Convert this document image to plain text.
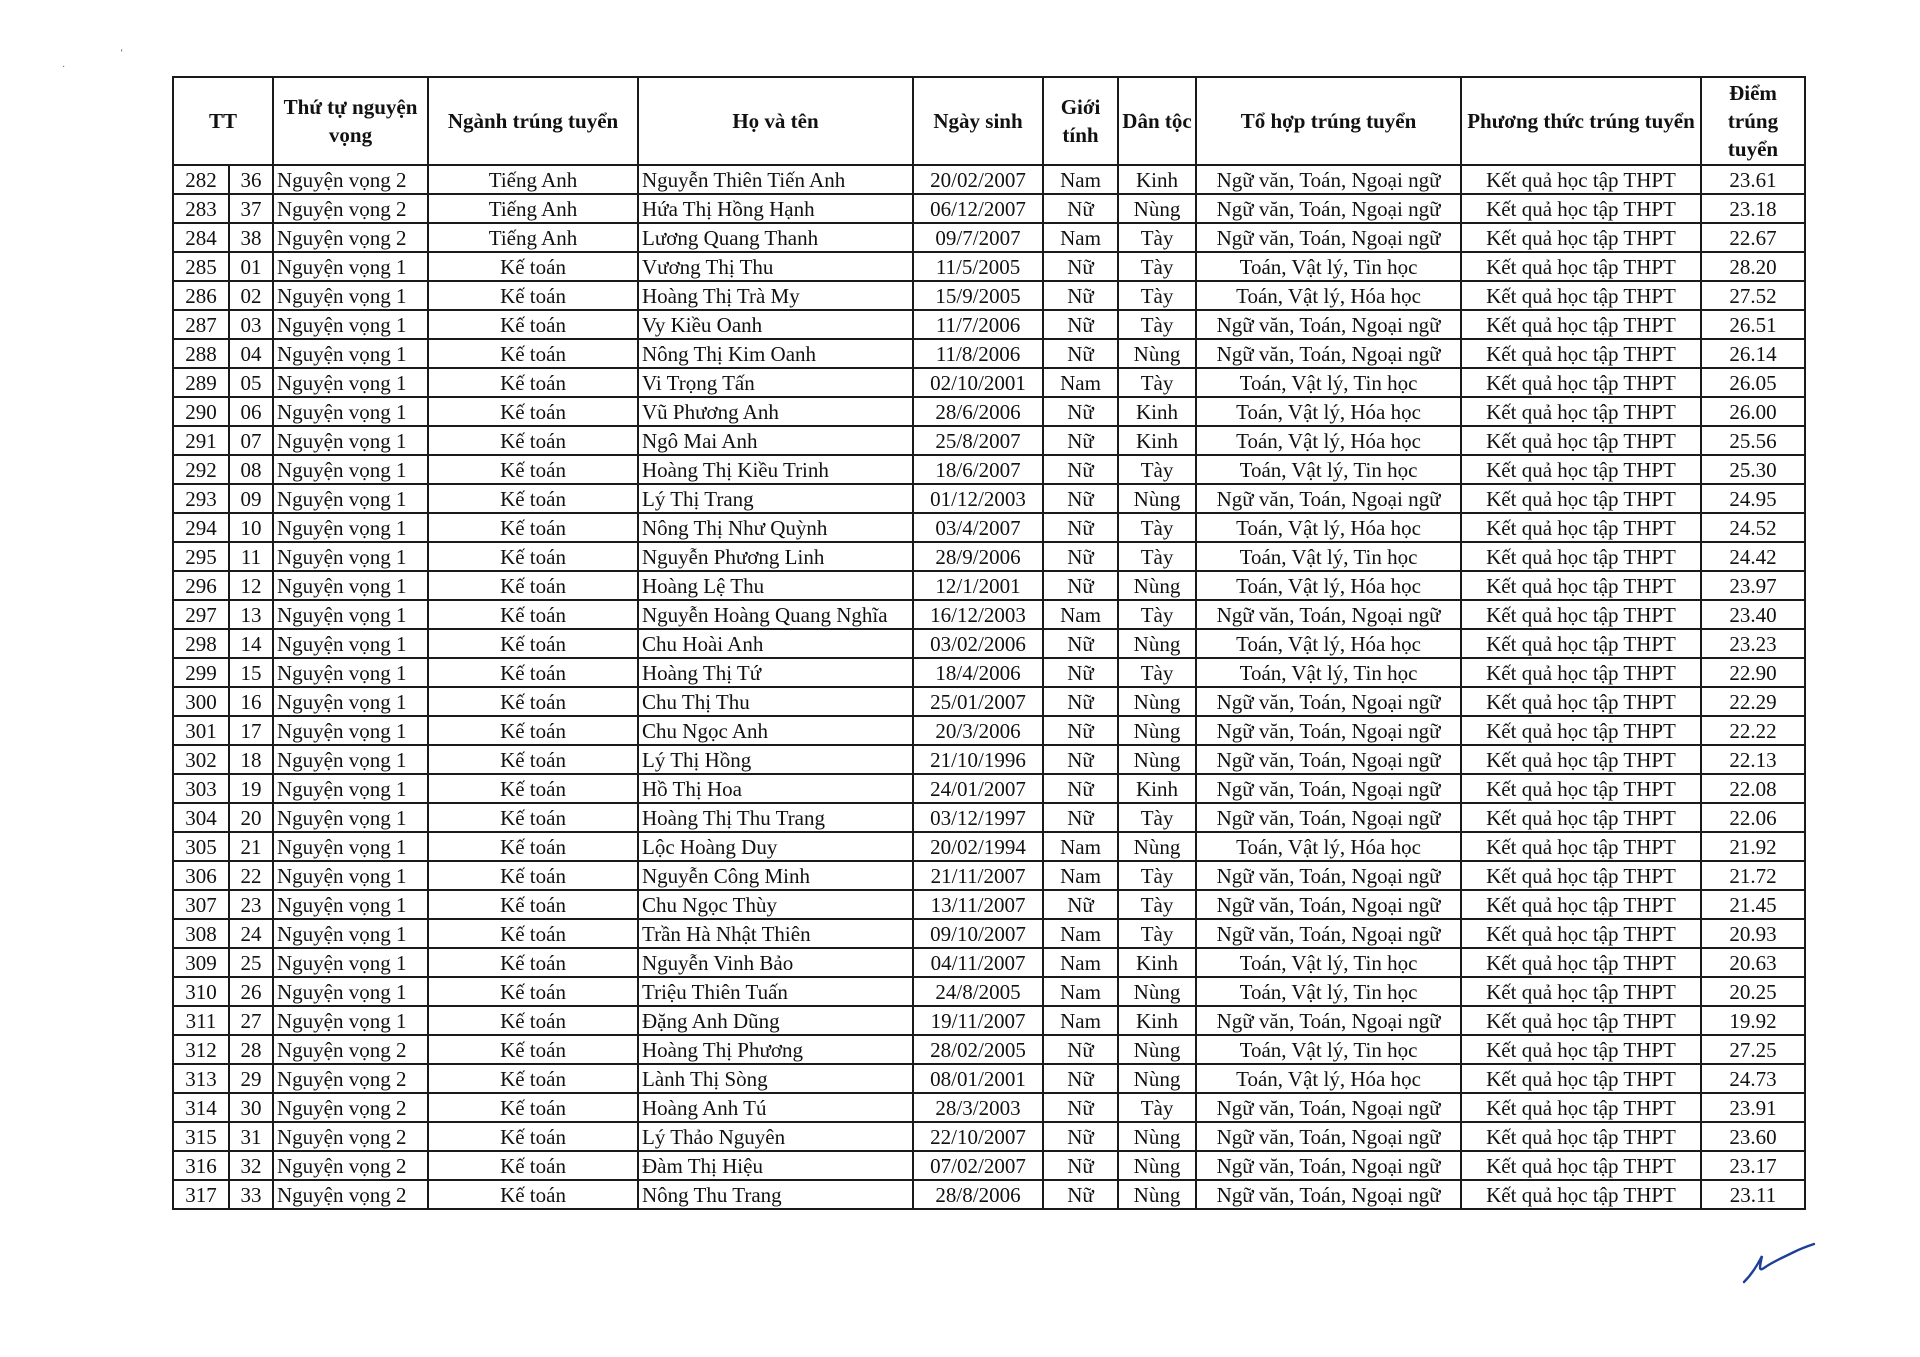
·
‘
TT		Thứ tự nguyện vọng	Ngành trúng tuyển	Họ và tên	Ngày sinh	Giới tính	Dân tộc	Tổ hợp trúng tuyển	Phương thức trúng tuyển	Điểm trúng tuyển
282	36	Nguyện vọng 2	Tiếng Anh	Nguyễn Thiên Tiến Anh	20/02/2007	Nam	Kinh	Ngữ văn, Toán, Ngoại ngữ	Kết quả học tập THPT	23.61
283	37	Nguyện vọng 2	Tiếng Anh	Hứa Thị Hồng Hạnh	06/12/2007	Nữ	Nùng	Ngữ văn, Toán, Ngoại ngữ	Kết quả học tập THPT	23.18
284	38	Nguyện vọng 2	Tiếng Anh	Lương Quang Thanh	09/7/2007	Nam	Tày	Ngữ văn, Toán, Ngoại ngữ	Kết quả học tập THPT	22.67
285	01	Nguyện vọng 1	Kế toán	Vương Thị Thu	11/5/2005	Nữ	Tày	Toán, Vật lý, Tin học	Kết quả học tập THPT	28.20
286	02	Nguyện vọng 1	Kế toán	Hoàng Thị Trà My	15/9/2005	Nữ	Tày	Toán, Vật lý, Hóa học	Kết quả học tập THPT	27.52
287	03	Nguyện vọng 1	Kế toán	Vy Kiều Oanh	11/7/2006	Nữ	Tày	Ngữ văn, Toán, Ngoại ngữ	Kết quả học tập THPT	26.51
288	04	Nguyện vọng 1	Kế toán	Nông Thị Kim Oanh	11/8/2006	Nữ	Nùng	Ngữ văn, Toán, Ngoại ngữ	Kết quả học tập THPT	26.14
289	05	Nguyện vọng 1	Kế toán	Vi Trọng Tấn	02/10/2001	Nam	Tày	Toán, Vật lý, Tin học	Kết quả học tập THPT	26.05
290	06	Nguyện vọng 1	Kế toán	Vũ Phương Anh	28/6/2006	Nữ	Kinh	Toán, Vật lý, Hóa học	Kết quả học tập THPT	26.00
291	07	Nguyện vọng 1	Kế toán	Ngô Mai Anh	25/8/2007	Nữ	Kinh	Toán, Vật lý, Hóa học	Kết quả học tập THPT	25.56
292	08	Nguyện vọng 1	Kế toán	Hoàng Thị Kiều Trinh	18/6/2007	Nữ	Tày	Toán, Vật lý, Tin học	Kết quả học tập THPT	25.30
293	09	Nguyện vọng 1	Kế toán	Lý Thị Trang	01/12/2003	Nữ	Nùng	Ngữ văn, Toán, Ngoại ngữ	Kết quả học tập THPT	24.95
294	10	Nguyện vọng 1	Kế toán	Nông Thị Như Quỳnh	03/4/2007	Nữ	Tày	Toán, Vật lý, Hóa học	Kết quả học tập THPT	24.52
295	11	Nguyện vọng 1	Kế toán	Nguyễn Phương Linh	28/9/2006	Nữ	Tày	Toán, Vật lý, Tin học	Kết quả học tập THPT	24.42
296	12	Nguyện vọng 1	Kế toán	Hoàng Lệ Thu	12/1/2001	Nữ	Nùng	Toán, Vật lý, Hóa học	Kết quả học tập THPT	23.97
297	13	Nguyện vọng 1	Kế toán	Nguyễn Hoàng Quang Nghĩa	16/12/2003	Nam	Tày	Ngữ văn, Toán, Ngoại ngữ	Kết quả học tập THPT	23.40
298	14	Nguyện vọng 1	Kế toán	Chu Hoài Anh	03/02/2006	Nữ	Nùng	Toán, Vật lý, Hóa học	Kết quả học tập THPT	23.23
299	15	Nguyện vọng 1	Kế toán	Hoàng Thị Tứ	18/4/2006	Nữ	Tày	Toán, Vật lý, Tin học	Kết quả học tập THPT	22.90
300	16	Nguyện vọng 1	Kế toán	Chu Thị Thu	25/01/2007	Nữ	Nùng	Ngữ văn, Toán, Ngoại ngữ	Kết quả học tập THPT	22.29
301	17	Nguyện vọng 1	Kế toán	Chu Ngọc Anh	20/3/2006	Nữ	Nùng	Ngữ văn, Toán, Ngoại ngữ	Kết quả học tập THPT	22.22
302	18	Nguyện vọng 1	Kế toán	Lý Thị Hồng	21/10/1996	Nữ	Nùng	Ngữ văn, Toán, Ngoại ngữ	Kết quả học tập THPT	22.13
303	19	Nguyện vọng 1	Kế toán	Hồ Thị Hoa	24/01/2007	Nữ	Kinh	Ngữ văn, Toán, Ngoại ngữ	Kết quả học tập THPT	22.08
304	20	Nguyện vọng 1	Kế toán	Hoàng Thị Thu Trang	03/12/1997	Nữ	Tày	Ngữ văn, Toán, Ngoại ngữ	Kết quả học tập THPT	22.06
305	21	Nguyện vọng 1	Kế toán	Lộc Hoàng Duy	20/02/1994	Nam	Nùng	Toán, Vật lý, Hóa học	Kết quả học tập THPT	21.92
306	22	Nguyện vọng 1	Kế toán	Nguyễn Công Minh	21/11/2007	Nam	Tày	Ngữ văn, Toán, Ngoại ngữ	Kết quả học tập THPT	21.72
307	23	Nguyện vọng 1	Kế toán	Chu Ngọc Thùy	13/11/2007	Nữ	Tày	Ngữ văn, Toán, Ngoại ngữ	Kết quả học tập THPT	21.45
308	24	Nguyện vọng 1	Kế toán	Trần Hà Nhật Thiên	09/10/2007	Nam	Tày	Ngữ văn, Toán, Ngoại ngữ	Kết quả học tập THPT	20.93
309	25	Nguyện vọng 1	Kế toán	Nguyễn Vinh Bảo	04/11/2007	Nam	Kinh	Toán, Vật lý, Tin học	Kết quả học tập THPT	20.63
310	26	Nguyện vọng 1	Kế toán	Triệu Thiên Tuấn	24/8/2005	Nam	Nùng	Toán, Vật lý, Tin học	Kết quả học tập THPT	20.25
311	27	Nguyện vọng 1	Kế toán	Đặng Anh Dũng	19/11/2007	Nam	Kinh	Ngữ văn, Toán, Ngoại ngữ	Kết quả học tập THPT	19.92
312	28	Nguyện vọng 2	Kế toán	Hoàng Thị Phương	28/02/2005	Nữ	Nùng	Toán, Vật lý, Tin học	Kết quả học tập THPT	27.25
313	29	Nguyện vọng 2	Kế toán	Lành Thị Sòng	08/01/2001	Nữ	Nùng	Toán, Vật lý, Hóa học	Kết quả học tập THPT	24.73
314	30	Nguyện vọng 2	Kế toán	Hoàng Anh Tú	28/3/2003	Nữ	Tày	Ngữ văn, Toán, Ngoại ngữ	Kết quả học tập THPT	23.91
315	31	Nguyện vọng 2	Kế toán	Lý Thảo Nguyên	22/10/2007	Nữ	Nùng	Ngữ văn, Toán, Ngoại ngữ	Kết quả học tập THPT	23.60
316	32	Nguyện vọng 2	Kế toán	Đàm Thị Hiệu	07/02/2007	Nữ	Nùng	Ngữ văn, Toán, Ngoại ngữ	Kết quả học tập THPT	23.17
317	33	Nguyện vọng 2	Kế toán	Nông Thu Trang	28/8/2006	Nữ	Nùng	Ngữ văn, Toán, Ngoại ngữ	Kết quả học tập THPT	23.11
